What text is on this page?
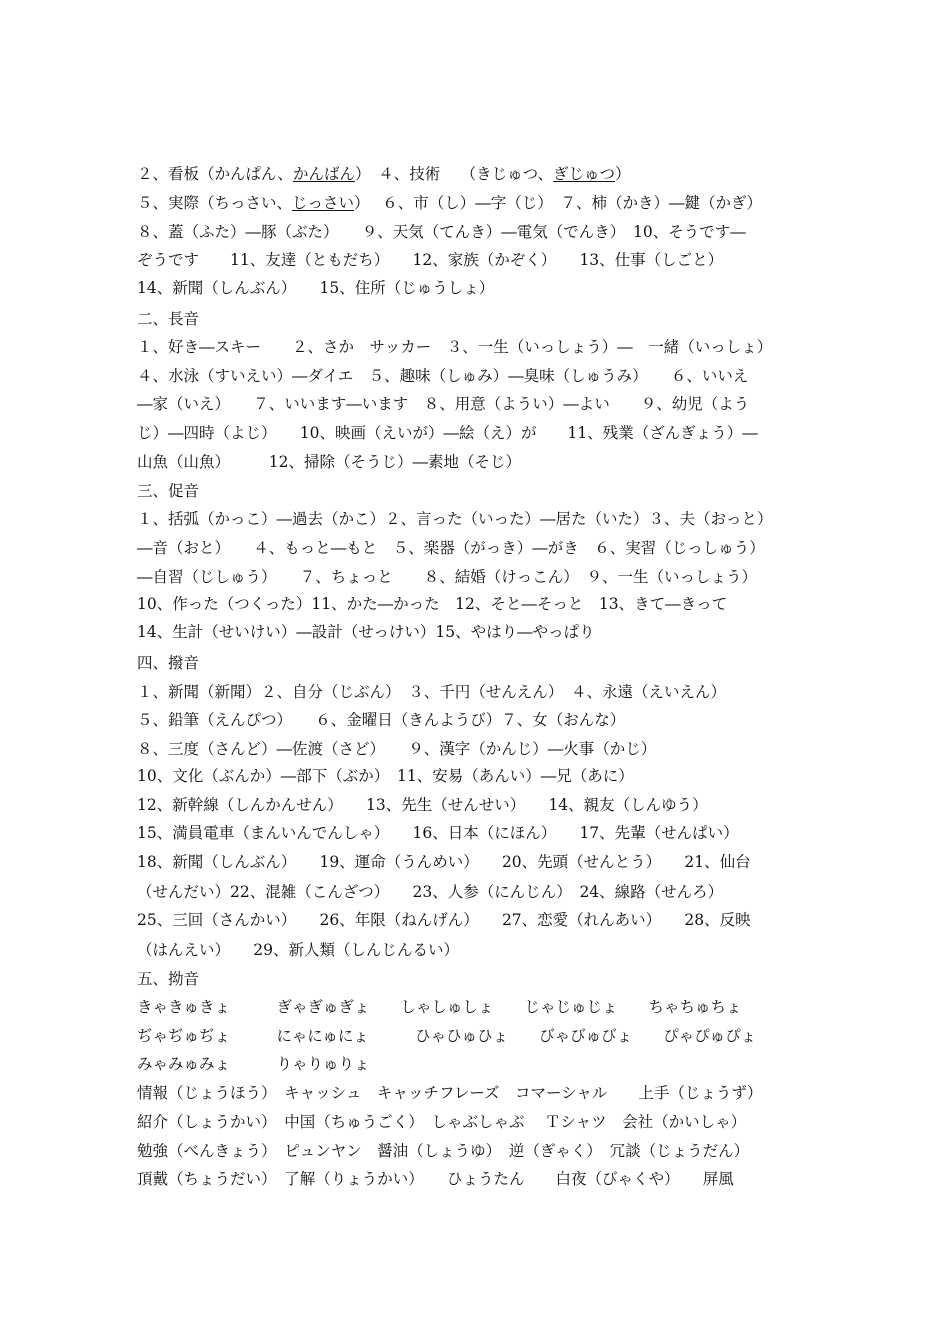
２、看板（かんぱん、かんばん）　４、技術　 （きじゅつ、ぎじゅつ）
５、実際（ちっさい、じっさい）　 ６、市（し）―字（じ）　７、柿（かき）―鍵（かぎ）
８、蓋（ふた）―豚（ぶた）　　９、天気（てんき）―電気（でんき）　10、そうです―
ぞうです　　11、友達（ともだち）　　12、家族（かぞく）　　13、仕事（しごと）
14、新聞（しんぶん）　　15、住所（じゅうしょ）
二、長音
１、好き―スキー　　２、さか　サッカー　３、一生（いっしょう）―　一緒（いっしょ）
４、水泳（すいえい）―ダイエ　５、趣味（しゅみ）―臭味（しゅうみ）　　６、いいえ
―家（いえ）　　７、いいます―います　８、用意（ようい）―よい　　９、幼児（よう
じ）―四時（よじ）　　10、映画（えいが）―絵（え）が　　11、残業（ざんぎょう）―
山魚（山魚）　　　12、掃除（そうじ）―素地（そじ）
三、促音
１、括弧（かっこ）―過去（かこ）２、言った（いった）―居た（いた）３、夫（おっと）
―音（おと）　　４、もっと―もと　５、楽器（がっき）―がき　６、実習（じっしゅう）
―自習（じしゅう）　　７、ちょっと　　８、結婚（けっこん）　９、一生（いっしょう）
10、作った（つくった）11、かた―かった　12、そと―そっと　13、きて―きって
14、生計（せいけい）―設計（せっけい）15、やはり―やっぱり
四、撥音
１、新聞（新聞）２、自分（じぶん）　３、千円（せんえん）　４、永遠（えいえん）
５、鉛筆（えんぴつ）　　６、金曜日（きんようび）７、女（おんな）
８、三度（さんど）―佐渡（さど）　　９、漢字（かんじ）―火事（かじ）
10、文化（ぶんか）―部下（ぶか）　11、安易（あんい）―兄（あに）
12、新幹線（しんかんせん）　　13、先生（せんせい）　　14、親友（しんゆう）
15、満員電車（まんいんでんしゃ）　　16、日本（にほん）　　17、先輩（せんぱい）
18、新聞（しんぶん）　　19、運命（うんめい）　　20、先頭（せんとう）　　21、仙台
（せんだい）22、混雑（こんざつ）　　23、人参（にんじん）　24、線路（せんろ）
25、三回（さんかい）　　26、年限（ねんげん）　　27、恋愛（れんあい）　　28、反映
（はんえい）　　29、新人類（しんじんるい）
五、拗音
きゃきゅきょ　　　ぎゃぎゅぎょ　　しゃしゅしょ　　じゃじゅじょ　　ちゃちゅちょ
ぢゃぢゅぢょ　　　にゃにゅにょ　　　ひゃひゅひょ　　びゃびゅびょ　　ぴゃぴゅぴょ
みゃみゅみょ　　　りゃりゅりょ
情報（じょうほう）　キャッシュ　キャッチフレーズ　コマーシャル　　上手（じょうず）
紹介（しょうかい）　中国（ちゅうごく）　しゃぶしゃぶ　 Ｔシャツ　会社（かいしゃ）
勉強（べんきょう）　ピュンヤン　醤油（しょうゆ）　逆（ぎゃく）　冗談（じょうだん）
頂戴（ちょうだい）　了解（りょうかい）　　ひょうたん　　白夜（びゃくや）　　屏風
